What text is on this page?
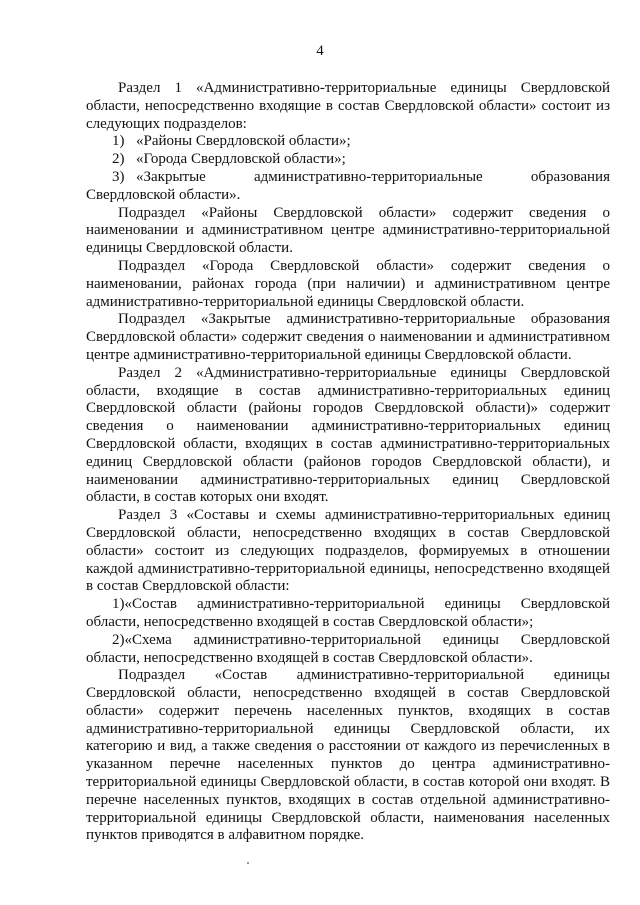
4

Раздел 1 «Административно-территориальные единицы Свердловской области, непосредственно входящие в состав Свердловской области» состоит из следующих подразделов:

1) «Районы Свердловской области»;

2) «Города Свердловской области»;

3) «Закрытые административно-территориальные образования Свердловской области».

Подраздел «Районы Свердловской области» содержит сведения о наименовании и административном центре административно-территориальной единицы Свердловской области.

Подраздел «Города Свердловской области» содержит сведения о наименовании, районах города (при наличии) и административном центре административно-территориальной единицы Свердловской области.

Подраздел «Закрытые административно-территориальные образования Свердловской области» содержит сведения о наименовании и административном центре административно-территориальной единицы Свердловской области.

Раздел 2 «Административно-территориальные единицы Свердловской области, входящие в состав административно-территориальных единиц Свердловской области (районы городов Свердловской области)» содержит сведения о наименовании административно-территориальных единиц Свердловской области, входящих в состав административно-территориальных единиц Свердловской области (районов городов Свердловской области), и наименовании административно-территориальных единиц Свердловской области, в состав которых они входят.

Раздел 3 «Составы и схемы административно-территориальных единиц Свердловской области, непосредственно входящих в состав Свердловской области» состоит из следующих подразделов, формируемых в отношении каждой административно-территориальной единицы, непосредственно входящей в состав Свердловской области:

1)«Состав административно-территориальной единицы Свердловской области, непосредственно входящей в состав Свердловской области»;

2)«Схема административно-территориальной единицы Свердловской области, непосредственно входящей в состав Свердловской области».

Подраздел «Состав административно-территориальной единицы Свердловской области, непосредственно входящей в состав Свердловской области» содержит перечень населенных пунктов, входящих в состав административно-территориальной единицы Свердловской области, их категорию и вид, а также сведения о расстоянии от каждого из перечисленных в указанном перечне населенных пунктов до центра административно-территориальной единицы Свердловской области, в состав которой они входят. В перечне населенных пунктов, входящих в состав отдельной административно-территориальной единицы Свердловской области, наименования населенных пунктов приводятся в алфавитном порядке.
